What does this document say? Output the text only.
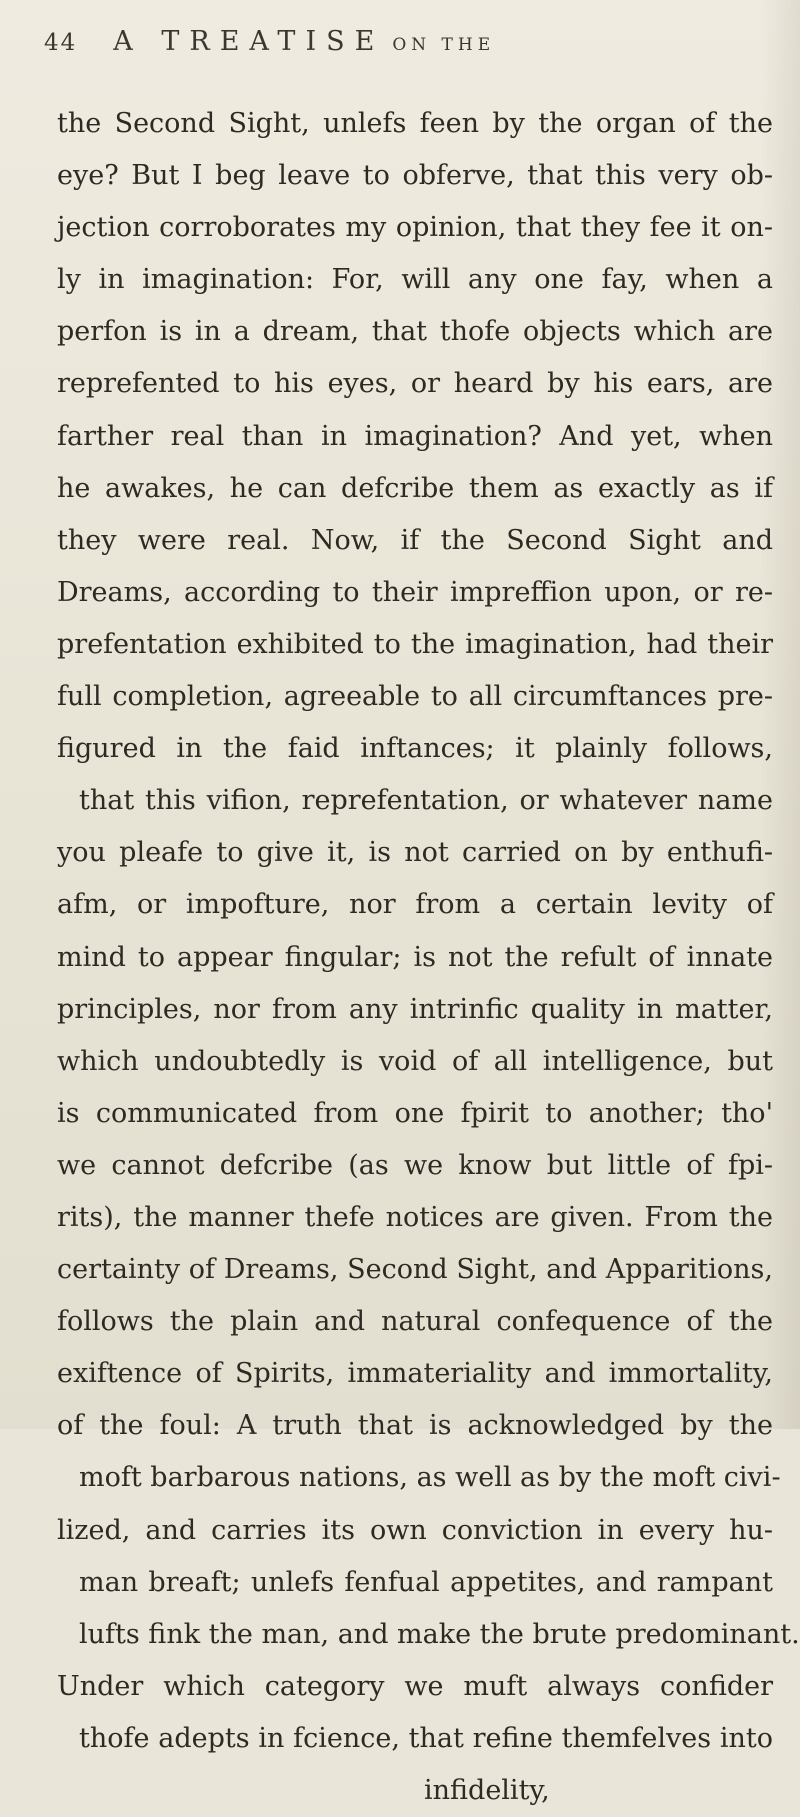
44 A TREATISE ON THE
the Second Sight, unlefs feen by the organ of the
eye? But I beg leave to obferve, that this very ob-
jection corroborates my opinion, that they fee it on-
ly in imagination: For, will any one fay, when a
perfon is in a dream, that thofe objects which are
reprefented to his eyes, or heard by his ears, are
farther real than in imagination? And yet, when
he awakes, he can defcribe them as exactly as if
they were real. Now, if the Second Sight and
Dreams, according to their impreffion upon, or re-
prefentation exhibited to the imagination, had their
full completion, agreeable to all circumftances pre-
figured in the faid inftances; it plainly follows,
that this vifion, reprefentation, or whatever name
you pleafe to give it, is not carried on by enthufi-
afm, or impofture, nor from a certain levity of
mind to appear fingular; is not the refult of innate
principles, nor from any intrinfic quality in matter,
which undoubtedly is void of all intelligence, but
is communicated from one fpirit to another; tho'
we cannot defcribe (as we know but little of fpi-
rits), the manner thefe notices are given. From the
certainty of Dreams, Second Sight, and Apparitions,
follows the plain and natural confequence of the
exiftence of Spirits, immateriality and immortality,
of the foul: A truth that is acknowledged by the
moft barbarous nations, as well as by the moft civi-
lized, and carries its own conviction in every hu-
man breaft; unlefs fenfual appetites, and rampant
lufts fink the man, and make the brute predominant.
Under which category we muft always confider
thofe adepts in fcience, that refine themfelves into
infidelity,
